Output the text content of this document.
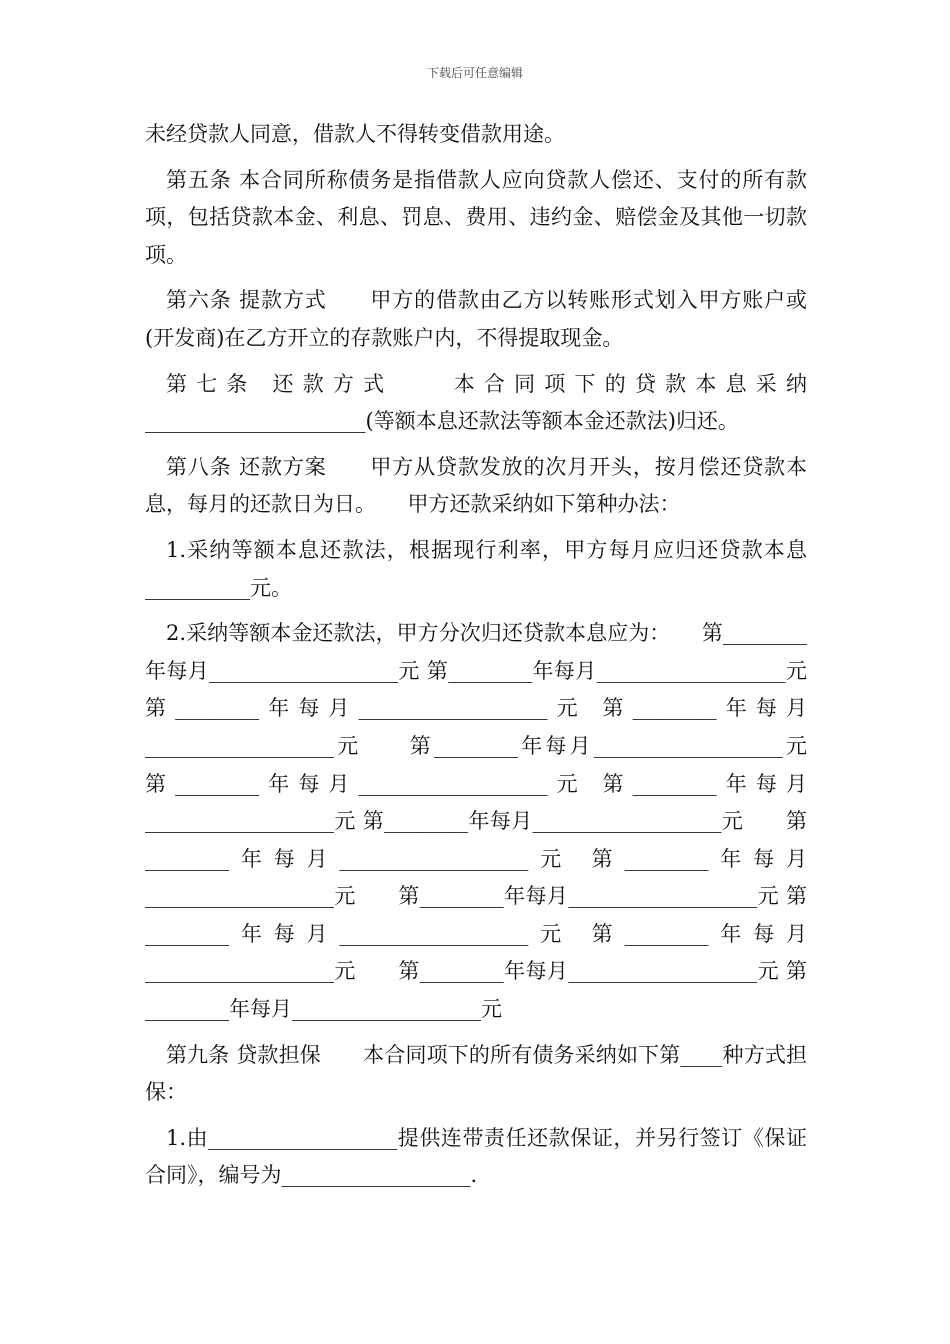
下载后可任意编辑

未经贷款人同意，借款人不得转变借款用途。

第五条 本合同所称债务是指借款人应向贷款人偿还、支付的所有款项，包括贷款本金、利息、罚息、费用、违约金、赔偿金及其他一切款项。

第六条 提款方式　　甲方的借款由乙方以转账形式划入甲方账户或(开发商)在乙方开立的存款账户内，不得提取现金。

第七条 还款方式　　本合同项下的贷款本息采纳_____________________(等额本息还款法等额本金还款法)归还。

第八条 还款方案　　甲方从贷款发放的次月开头，按月偿还贷款本息，每月的还款日为日。　　甲方还款采纳如下第种办法：

1.采纳等额本息还款法，根据现行利率，甲方每月应归还贷款本息__________元。

2.采纳等额本金还款法，甲方分次归还贷款本息应为：　　第________年每月__________________元 第________年每月__________________元　　第________年每月__________________元 第________年每月__________________元　　第________年每月__________________元　　第________年每月__________________元 第________年每月__________________元 第________年每月__________________元　　第________年每月__________________元 第________年每月__________________元　　第________年每月__________________元 第________年每月__________________元 第________年每月__________________元　　第________年每月__________________元 第________年每月__________________元

第九条 贷款担保　　本合同项下的所有债务采纳如下第____种方式担保：

1.由__________________提供连带责任还款保证，并另行签订《保证合同》，编号为__________________.
